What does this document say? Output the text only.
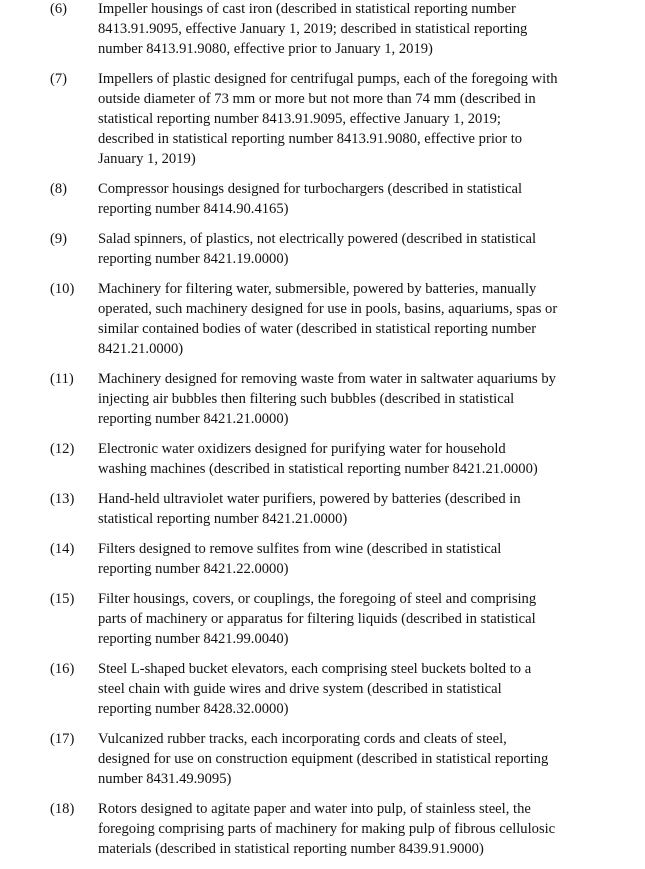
(6) Impeller housings of cast iron (described in statistical reporting number
8413.91.9095, effective January 1, 2019; described in statistical reporting
number 8413.91.9080, effective prior to January 1, 2019)
(7) Impellers of plastic designed for centrifugal pumps, each of the foregoing with
outside diameter of 73 mm or more but not more than 74 mm (described in
statistical reporting number 8413.91.9095, effective January 1, 2019;
described in statistical reporting number 8413.91.9080, effective prior to
January 1, 2019)
(8) Compressor housings designed for turbochargers (described in statistical
reporting number 8414.90.4165)
(9) Salad spinners, of plastics, not electrically powered (described in statistical
reporting number 8421.19.0000)
(10) Machinery for filtering water, submersible, powered by batteries, manually
operated, such machinery designed for use in pools, basins, aquariums, spas or
similar contained bodies of water (described in statistical reporting number
8421.21.0000)
(11) Machinery designed for removing waste from water in saltwater aquariums by
injecting air bubbles then filtering such bubbles (described in statistical
reporting number 8421.21.0000)
(12) Electronic water oxidizers designed for purifying water for household
washing machines (described in statistical reporting number 8421.21.0000)
(13) Hand-held ultraviolet water purifiers, powered by batteries (described in
statistical reporting number 8421.21.0000)
(14) Filters designed to remove sulfites from wine (described in statistical
reporting number 8421.22.0000)
(15) Filter housings, covers, or couplings, the foregoing of steel and comprising
parts of machinery or apparatus for filtering liquids (described in statistical
reporting number 8421.99.0040)
(16) Steel L-shaped bucket elevators, each comprising steel buckets bolted to a
steel chain with guide wires and drive system (described in statistical
reporting number 8428.32.0000)
(17) Vulcanized rubber tracks, each incorporating cords and cleats of steel,
designed for use on construction equipment (described in statistical reporting
number 8431.49.9095)
(18) Rotors designed to agitate paper and water into pulp, of stainless steel, the
foregoing comprising parts of machinery for making pulp of fibrous cellulosic
materials (described in statistical reporting number 8439.91.9000)
